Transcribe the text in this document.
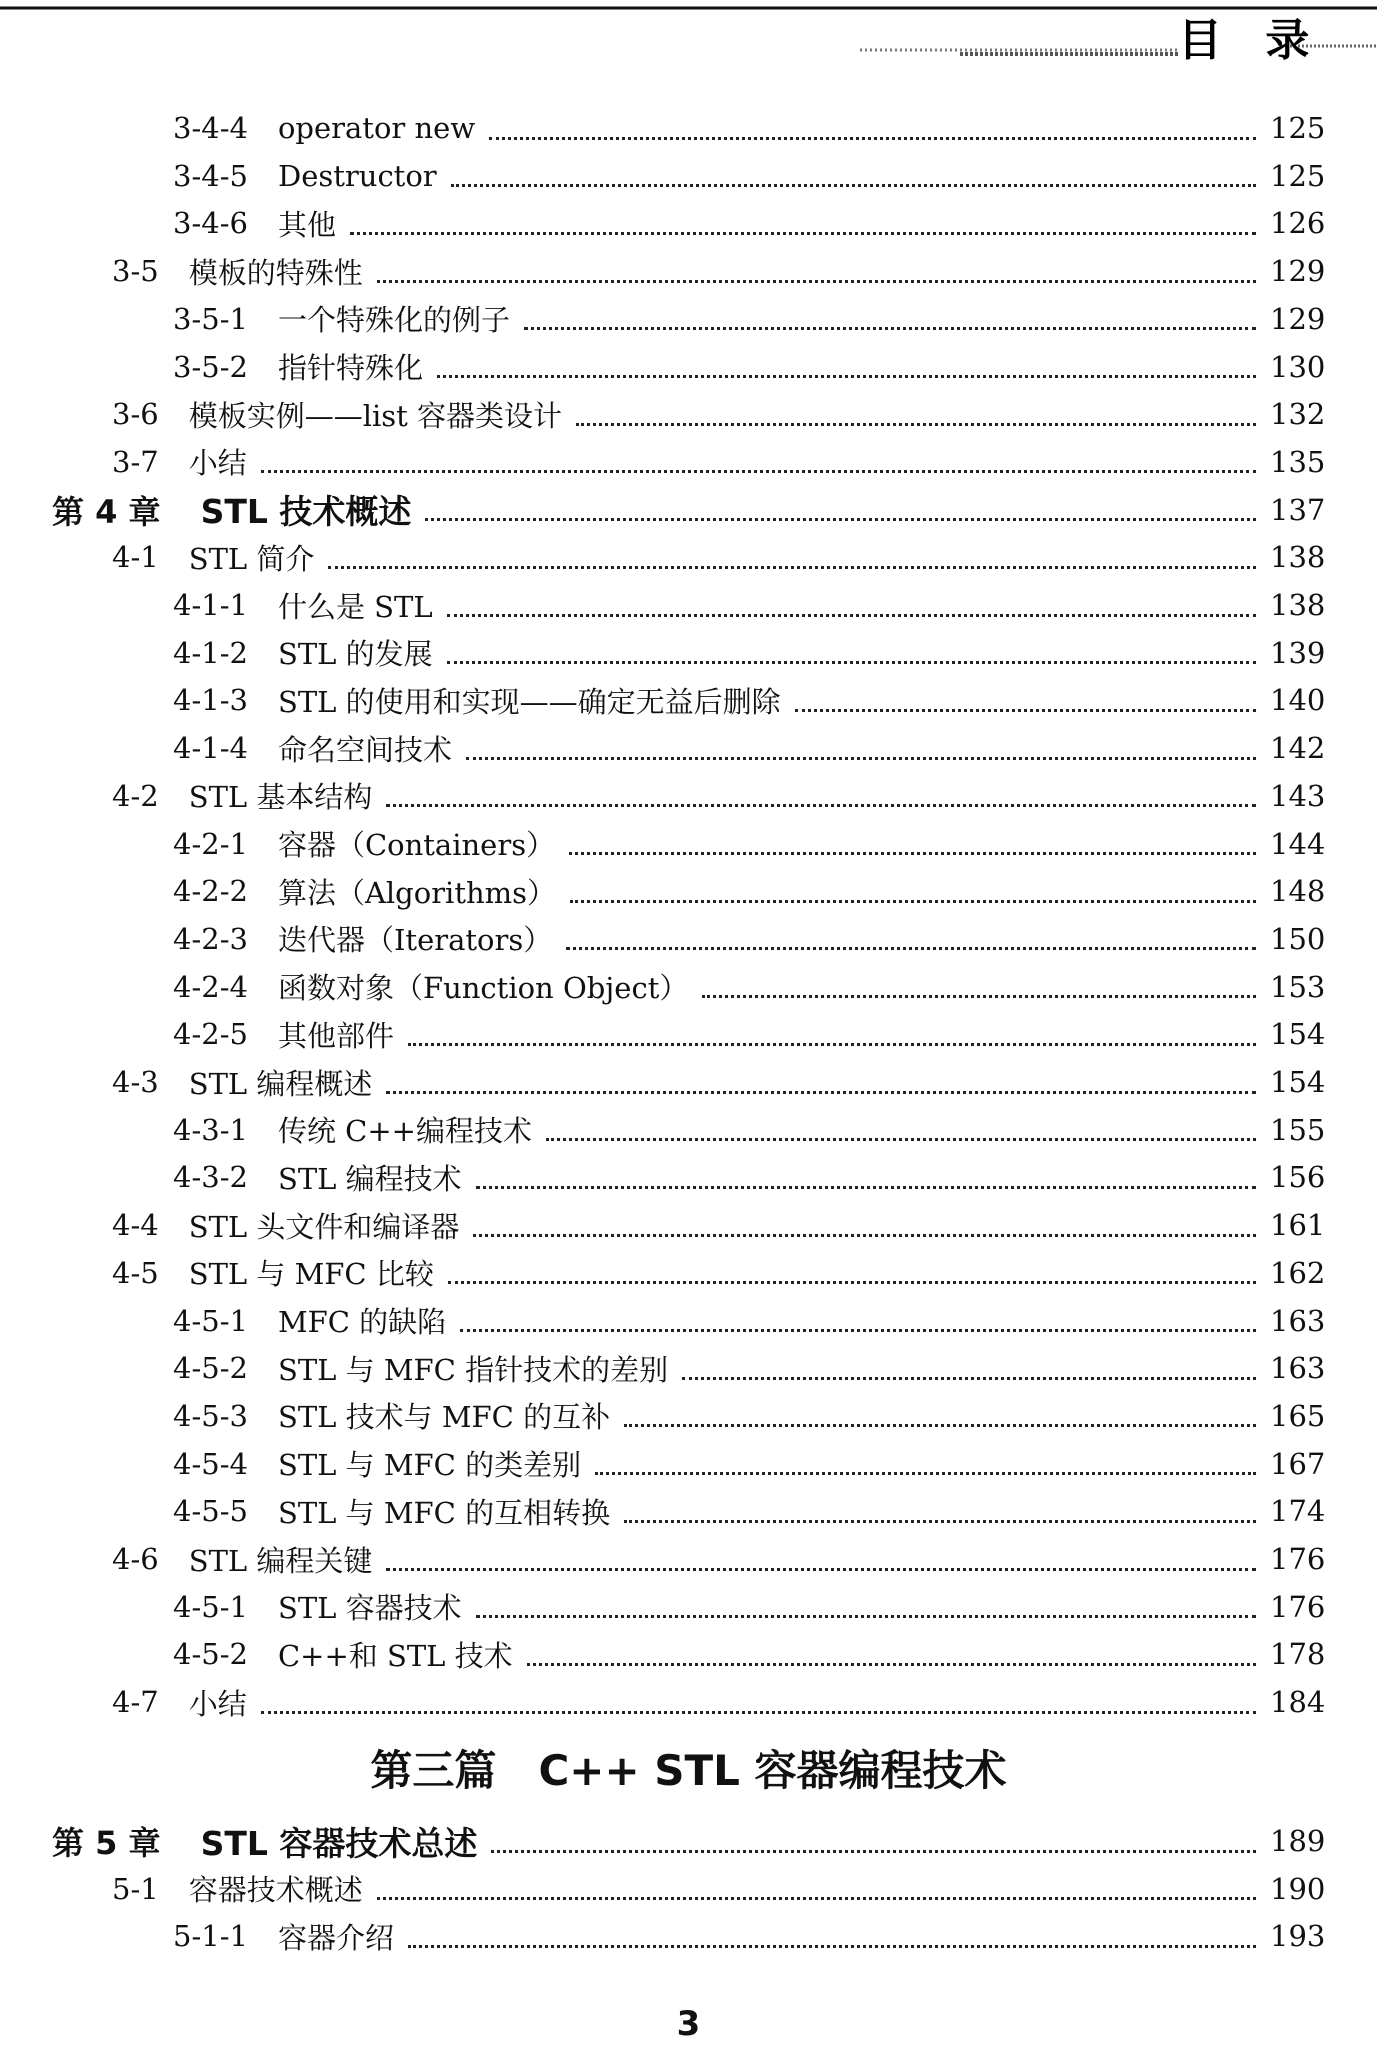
目 录
3-4-4 operator new	125
3-4-5 Destructor	125
3-4-6 其他	126
3-5 模板的特殊性	129
3-5-1 一个特殊化的例子	129
3-5-2 指针特殊化	130
3-6 模板实例——list 容器类设计	132
3-7 小结	135
第 4 章 STL 技术概述	137
4-1 STL 简介	138
4-1-1 什么是 STL	138
4-1-2 STL 的发展	139
4-1-3 STL 的使用和实现——确定无益后删除	140
4-1-4 命名空间技术	142
4-2 STL 基本结构	143
4-2-1 容器（Containers）	144
4-2-2 算法（Algorithms）	148
4-2-3 迭代器（Iterators）	150
4-2-4 函数对象（Function Object）	153
4-2-5 其他部件	154
4-3 STL 编程概述	154
4-3-1 传统 C++编程技术	155
4-3-2 STL 编程技术	156
4-4 STL 头文件和编译器	161
4-5 STL 与 MFC 比较	162
4-5-1 MFC 的缺陷	163
4-5-2 STL 与 MFC 指针技术的差别	163
4-5-3 STL 技术与 MFC 的互补	165
4-5-4 STL 与 MFC 的类差别	167
4-5-5 STL 与 MFC 的互相转换	174
4-6 STL 编程关键	176
4-5-1 STL 容器技术	176
4-5-2 C++和 STL 技术	178
4-7 小结	184
第三篇 C++ STL 容器编程技术
第 5 章 STL 容器技术总述	189
5-1 容器技术概述	190
5-1-1 容器介绍	193
3
